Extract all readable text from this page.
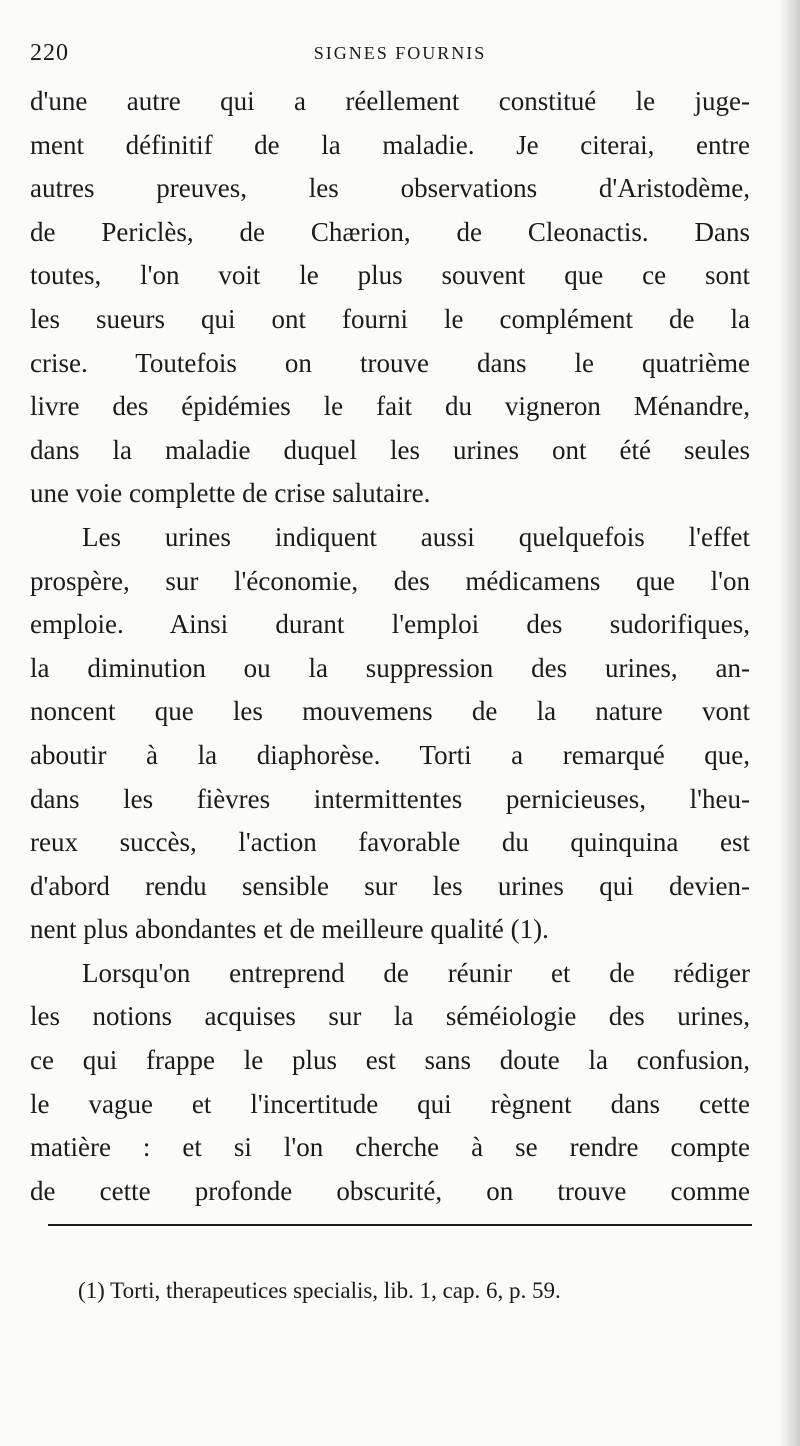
220	SIGNES FOURNIS
d'une autre qui a réellement constitué le juge-
ment définitif de la maladie. Je citerai, entre
autres preuves, les observations d'Aristodème,
de Periclès, de Chærion, de Cleonactis. Dans
toutes, l'on voit le plus souvent que ce sont
les sueurs qui ont fourni le complément de la
crise. Toutefois on trouve dans le quatrième
livre des épidémies le fait du vigneron Ménandre,
dans la maladie duquel les urines ont été seules
une voie complette de crise salutaire.
Les urines indiquent aussi quelquefois l'effet
prospère, sur l'économie, des médicamens que l'on
emploie. Ainsi durant l'emploi des sudorifiques,
la diminution ou la suppression des urines, an-
noncent que les mouvemens de la nature vont
aboutir à la diaphorèse. Torti a remarqué que,
dans les fièvres intermittentes pernicieuses, l'heu-
reux succès, l'action favorable du quinquina est
d'abord rendu sensible sur les urines qui devien-
nent plus abondantes et de meilleure qualité (1).
Lorsqu'on entreprend de réunir et de rédiger
les notions acquises sur la séméiologie des urines,
ce qui frappe le plus est sans doute la confusion,
le vague et l'incertitude qui règnent dans cette
matière : et si l'on cherche à se rendre compte
de cette profonde obscurité, on trouve comme
(1) Torti, therapeutices specialis, lib. 1, cap. 6, p. 59.
